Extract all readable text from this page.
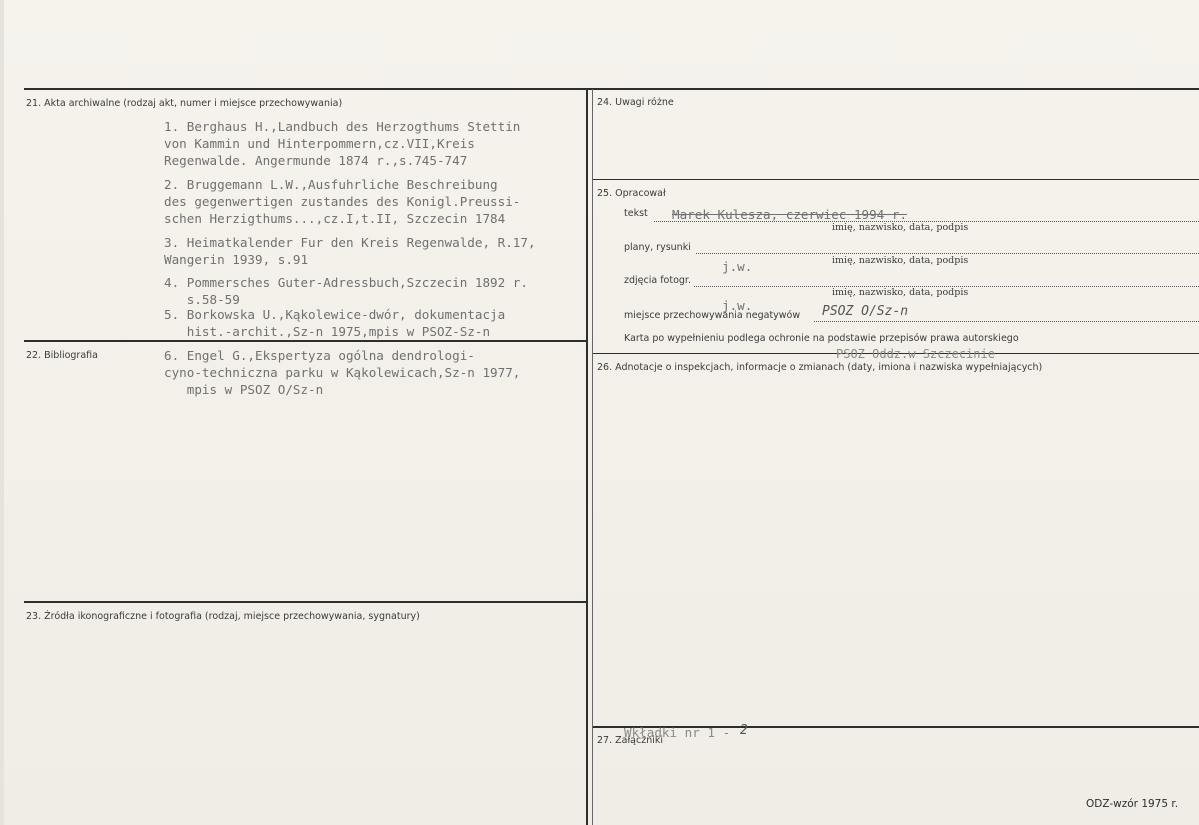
21. Akta archiwalne (rodzaj akt, numer i miejsce przechowywania)
1. Berghaus H.,Landbuch des Herzogthums Stettin
von Kammin und Hinterpommern,cz.VII,Kreis
Regenwalde. Angermunde 1874 r.,s.745-747
2. Bruggemann L.W.,Ausfuhrliche Beschreibung
des gegenwertigen zustandes des Konigl.Preussi-
schen Herzigthums...,cz.I,t.II, Szczecin 1784
3. Heimatkalender Fur den Kreis Regenwalde, R.17,
Wangerin 1939, s.91
4. Pommersches Guter-Adressbuch,Szczecin 1892 r.
s.58-59
5. Borkowska U.,Kąkolewice-dwór, dokumentacja
hist.-archit.,Sz-n 1975,mpis w PSOZ-Sz-n
22. Bibliografia	6. Engel G.,Ekspertyza ogólna dendrologi-
cyno-techniczna parku w Kąkolewicach,Sz-n 1977,
mpis w PSOZ O/Sz-n
23. Źródła ikonograficzne i fotografia (rodzaj, miejsce przechowywania, sygnatury)
24. Uwagi różne
25. Opracował
tekst Marek Kulesza, czerwiec 1994 r.
imię, nazwisko, data, podpis
plany, rysunki
imię, nazwisko, data, podpis
j.w.
zdjęcia fotogr.
imię, nazwisko, data, podpis
j.w.
miejsce przechowywania negatywów PSOZ O/Sz-n
Karta po wypełnieniu podlega ochronie na podstawie przepisów prawa autorskiego
PSOZ Oddz.w Szczecinie
26. Adnotacje o inspekcjach, informacje o zmianach (daty, imiona i nazwiska wypełniających)
27. Załączniki
Wkładki nr 1 - 2
ODZ-wzór 1975 r.
